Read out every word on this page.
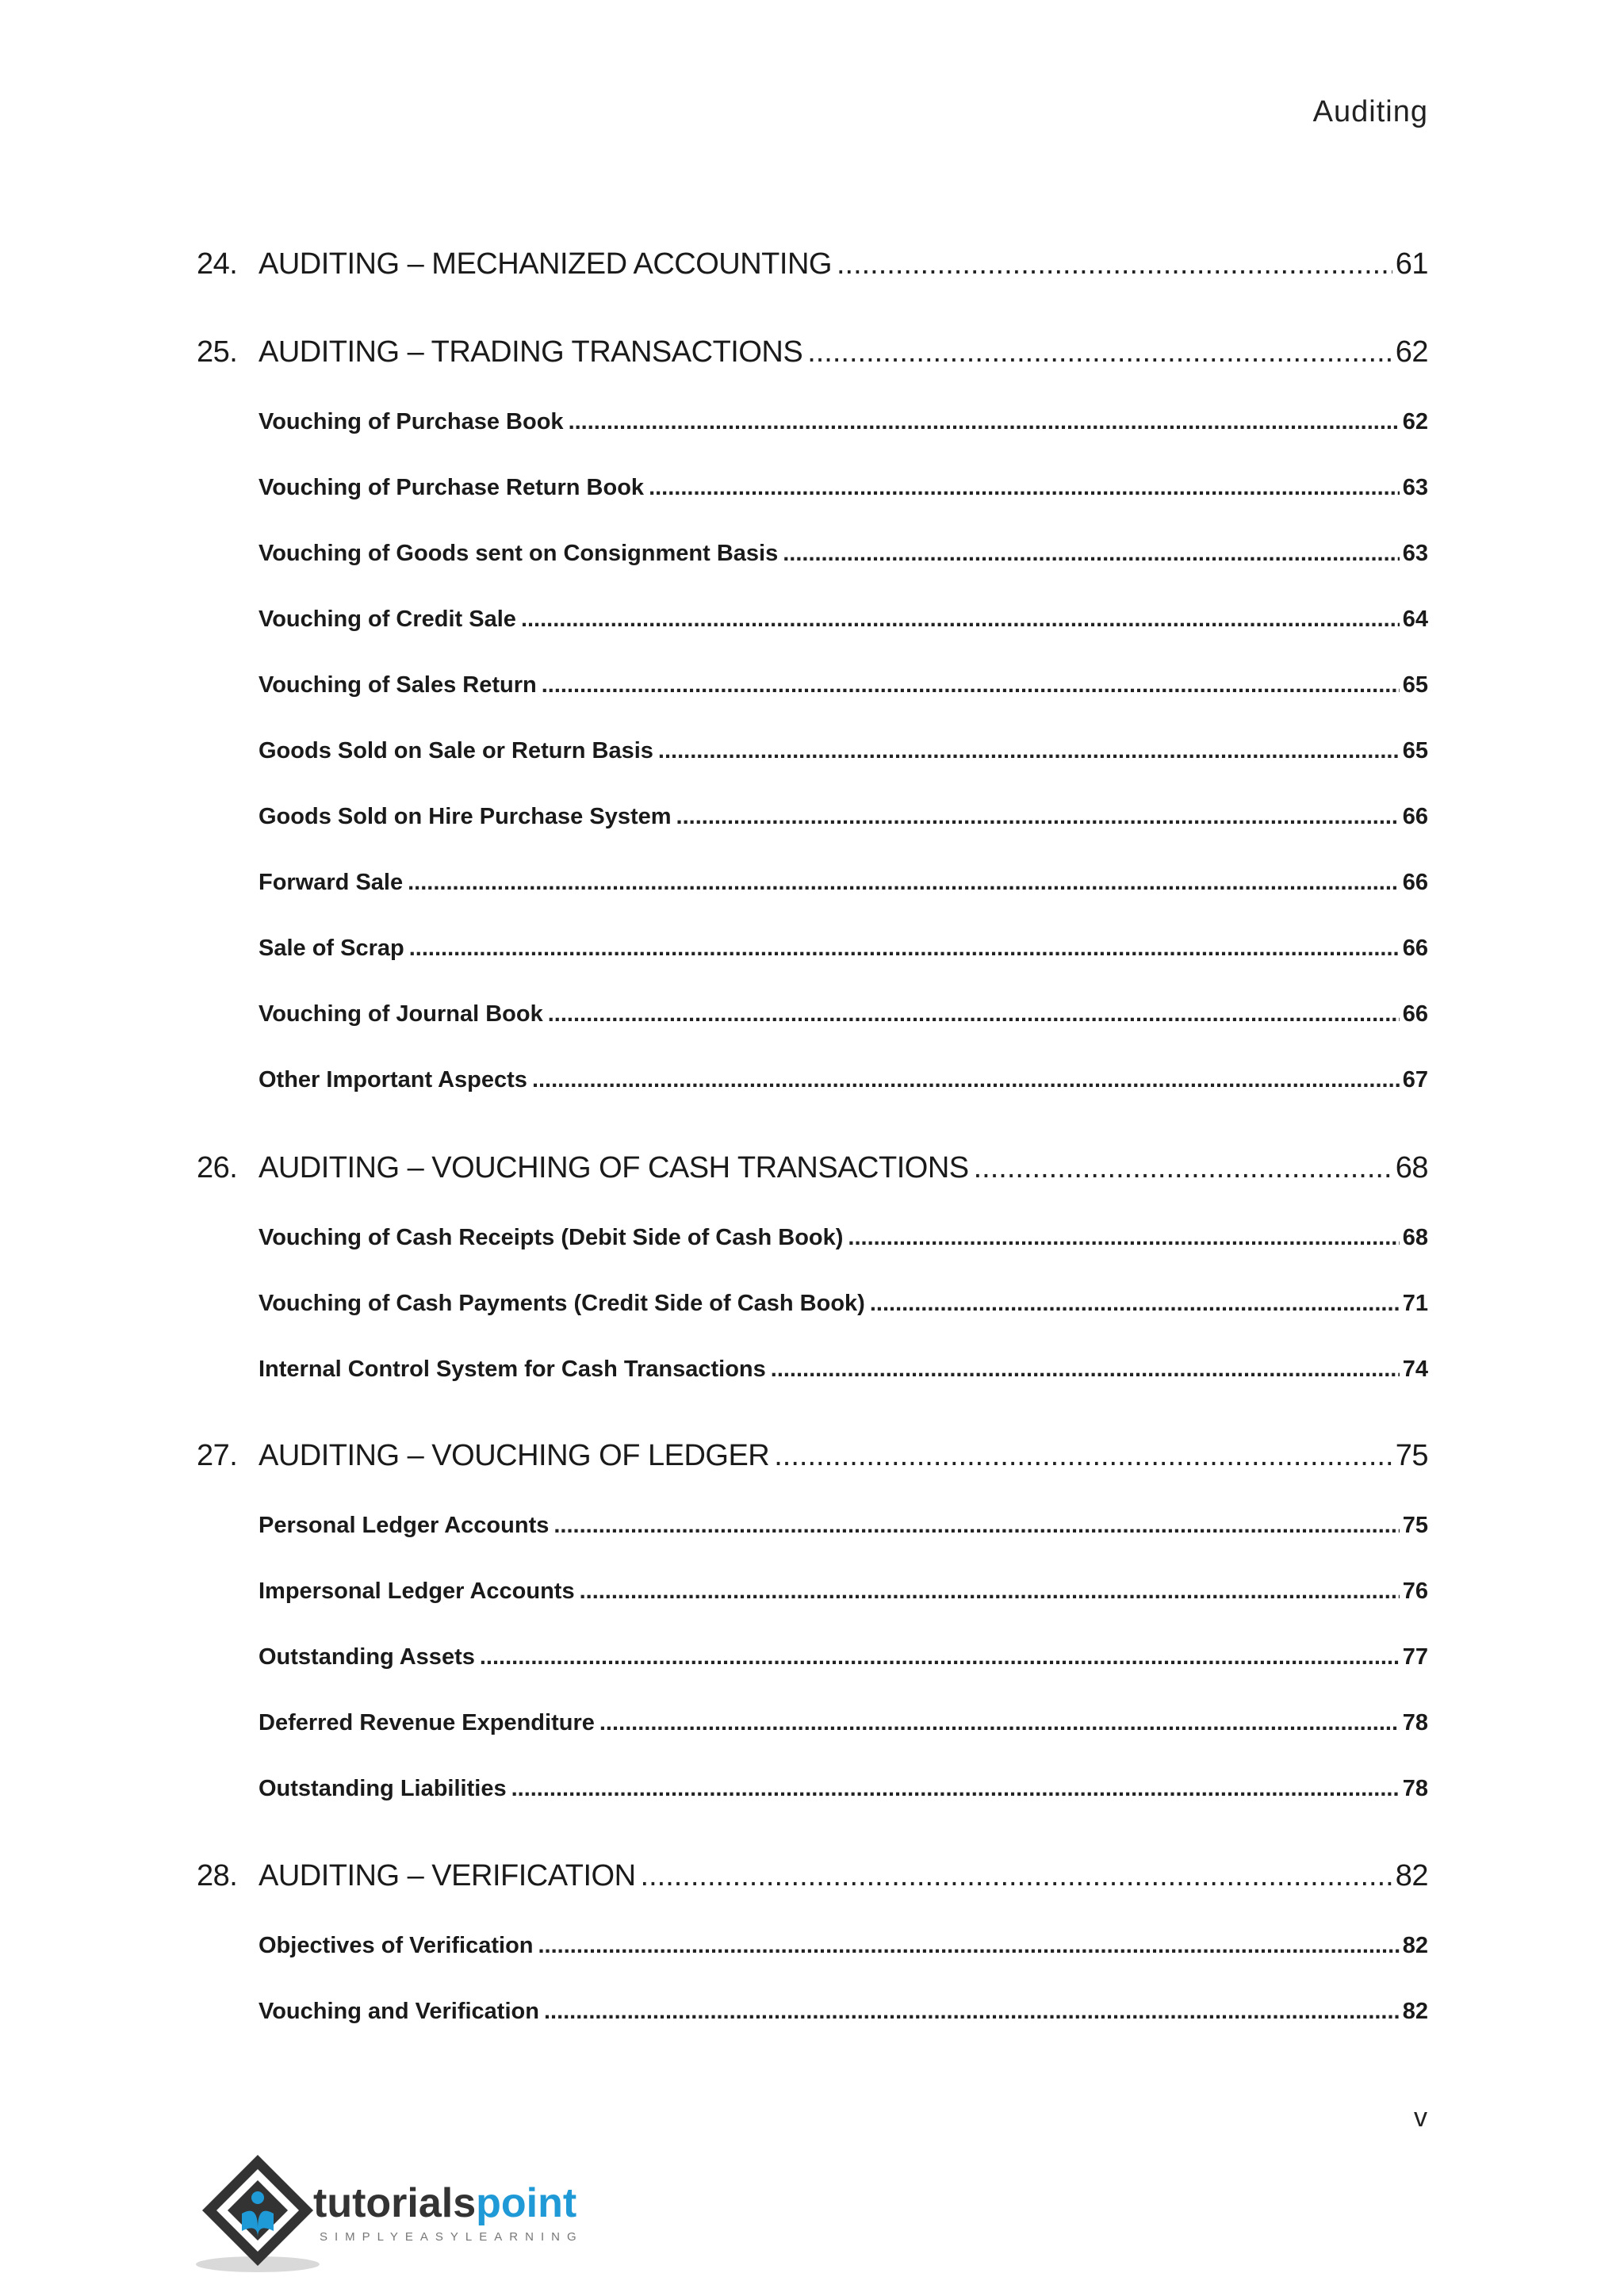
Auditing
24. AUDITING – MECHANIZED ACCOUNTING .....	61
25. AUDITING – TRADING TRANSACTIONS .....	62
Vouching of Purchase Book .....	62
Vouching of Purchase Return Book .....	63
Vouching of Goods sent on Consignment Basis .....	63
Vouching of Credit Sale .....	64
Vouching of Sales Return .....	65
Goods Sold on Sale or Return Basis .....	65
Goods Sold on Hire Purchase System .....	66
Forward Sale .....	66
Sale of Scrap .....	66
Vouching of Journal Book .....	66
Other Important Aspects .....	67
26. AUDITING – VOUCHING OF CASH TRANSACTIONS .....	68
Vouching of Cash Receipts (Debit Side of Cash Book) .....	68
Vouching of Cash Payments (Credit Side of Cash Book) .....	71
Internal Control System for Cash Transactions .....	74
27. AUDITING – VOUCHING OF LEDGER .....	75
Personal Ledger Accounts .....	75
Impersonal Ledger Accounts .....	76
Outstanding Assets .....	77
Deferred Revenue Expenditure .....	78
Outstanding Liabilities .....	78
28. AUDITING – VERIFICATION .....	82
Objectives of Verification .....	82
Vouching and Verification .....	82
v
tutorialspoint
SIMPLYEASYLEARNING
